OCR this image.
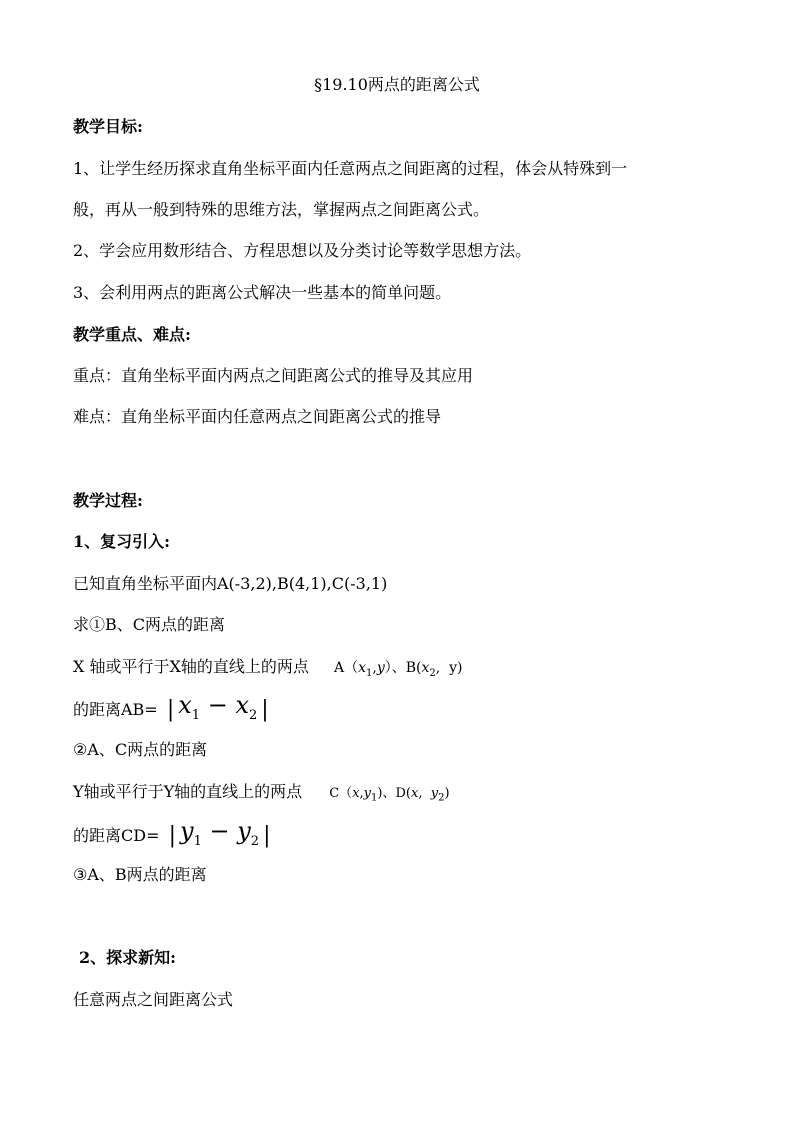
§19.10两点的距离公式
教学目标:
1、让学生经历探求直角坐标平面内任意两点之间距离的过程，体会从特殊到一
般，再从一般到特殊的思维方法，掌握两点之间距离公式。
2、学会应用数形结合、方程思想以及分类讨论等数学思想方法。
3、会利用两点的距离公式解决一些基本的简单问题。
教学重点、难点:
重点：直角坐标平面内两点之间距离公式的推导及其应用
难点：直角坐标平面内任意两点之间距离公式的推导
教学过程:
1、复习引入:
已知直角坐标平面内A(-3,2),B(4,1),C(-3,1)
求①B、C两点的距离
X 轴或平行于X轴的直线上的两点 $A(x_1,y)$、$B(x_2$,  y)
的距离AB= | $x_1 - x_2$ |
②A、C两点的距离
Y轴或平行于Y轴的直线上的两点 $C(x,y_1)$、D(x,  $y_2$)
的距离CD= | $y_1 - y_2$ |
③A、B两点的距离
2、探求新知:
任意两点之间距离公式
